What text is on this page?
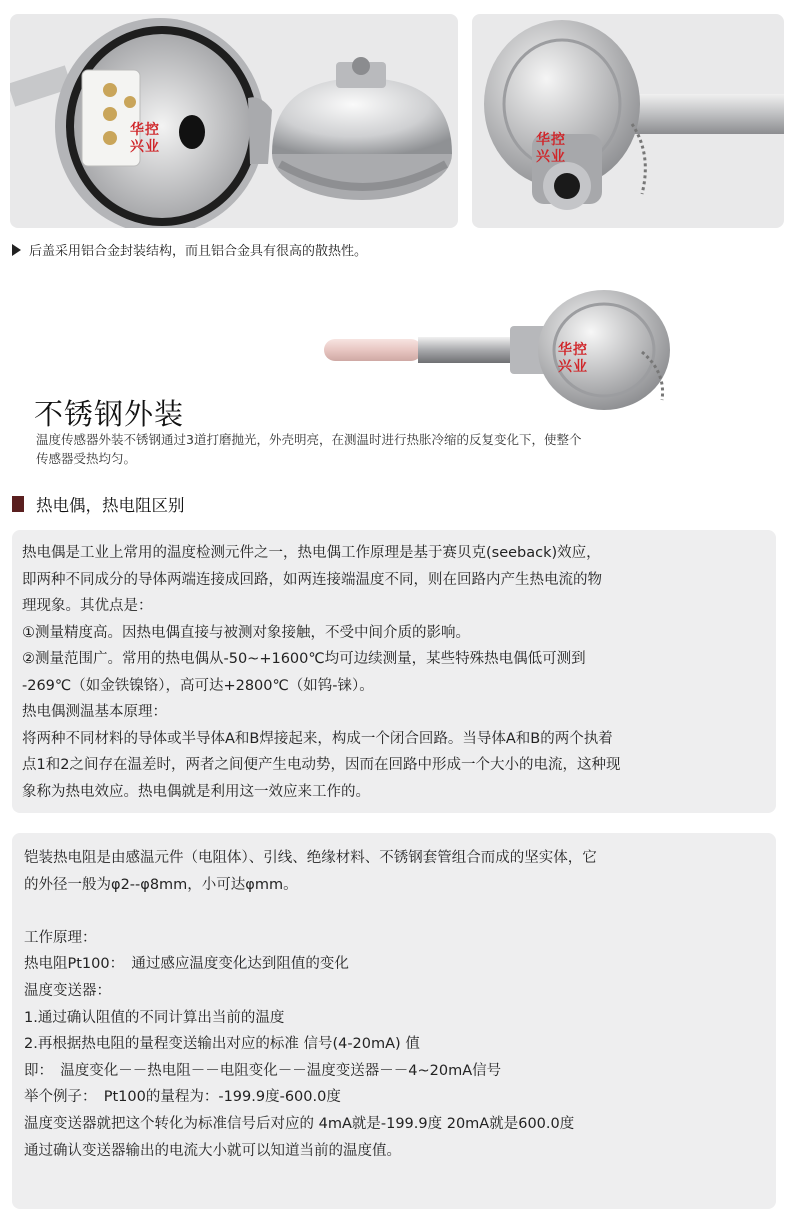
华控
兴业	华控
兴业
后盖采用铝合金封装结构，而且铝合金具有很高的散热性。
华控
兴业
不锈钢外装
温度传感器外装不锈钢通过3道打磨抛光，外壳明亮，在测温时进行热胀冷缩的反复变化下，使整个
传感器受热均匀。
热电偶，热电阻区别
热电偶是工业上常用的温度检测元件之一，热电偶工作原理是基于赛贝克(seeback)效应，
即两种不同成分的导体两端连接成回路，如两连接端温度不同，则在回路内产生热电流的物
理现象。其优点是：
①测量精度高。因热电偶直接与被测对象接触，不受中间介质的影响。
②测量范围广。常用的热电偶从-50~+1600℃均可边续测量，某些特殊热电偶低可测到
-269℃（如金铁镍铬），高可达+2800℃（如钨-铼）。
热电偶测温基本原理：
将两种不同材料的导体或半导体A和B焊接起来，构成一个闭合回路。当导体A和B的两个执着
点1和2之间存在温差时，两者之间便产生电动势，因而在回路中形成一个大小的电流，这种现
象称为热电效应。热电偶就是利用这一效应来工作的。
铠装热电阻是由感温元件（电阻体）、引线、绝缘材料、不锈钢套管组合而成的坚实体，它
的外径一般为φ2--φ8mm，小可达φmm。
工作原理：
热电阻Pt100：　通过感应温度变化达到阻值的变化
温度变送器：
1.通过确认阻值的不同计算出当前的温度
2.再根据热电阻的量程变送输出对应的标准 信号(4-20mA) 值
即：　温度变化－－热电阻－－电阻变化－－温度变送器－－4~20mA信号
举个例子：　Pt100的量程为：-199.9度-600.0度
温度变送器就把这个转化为标准信号后对应的 4mA就是-199.9度 20mA就是600.0度
通过确认变送器输出的电流大小就可以知道当前的温度值。
